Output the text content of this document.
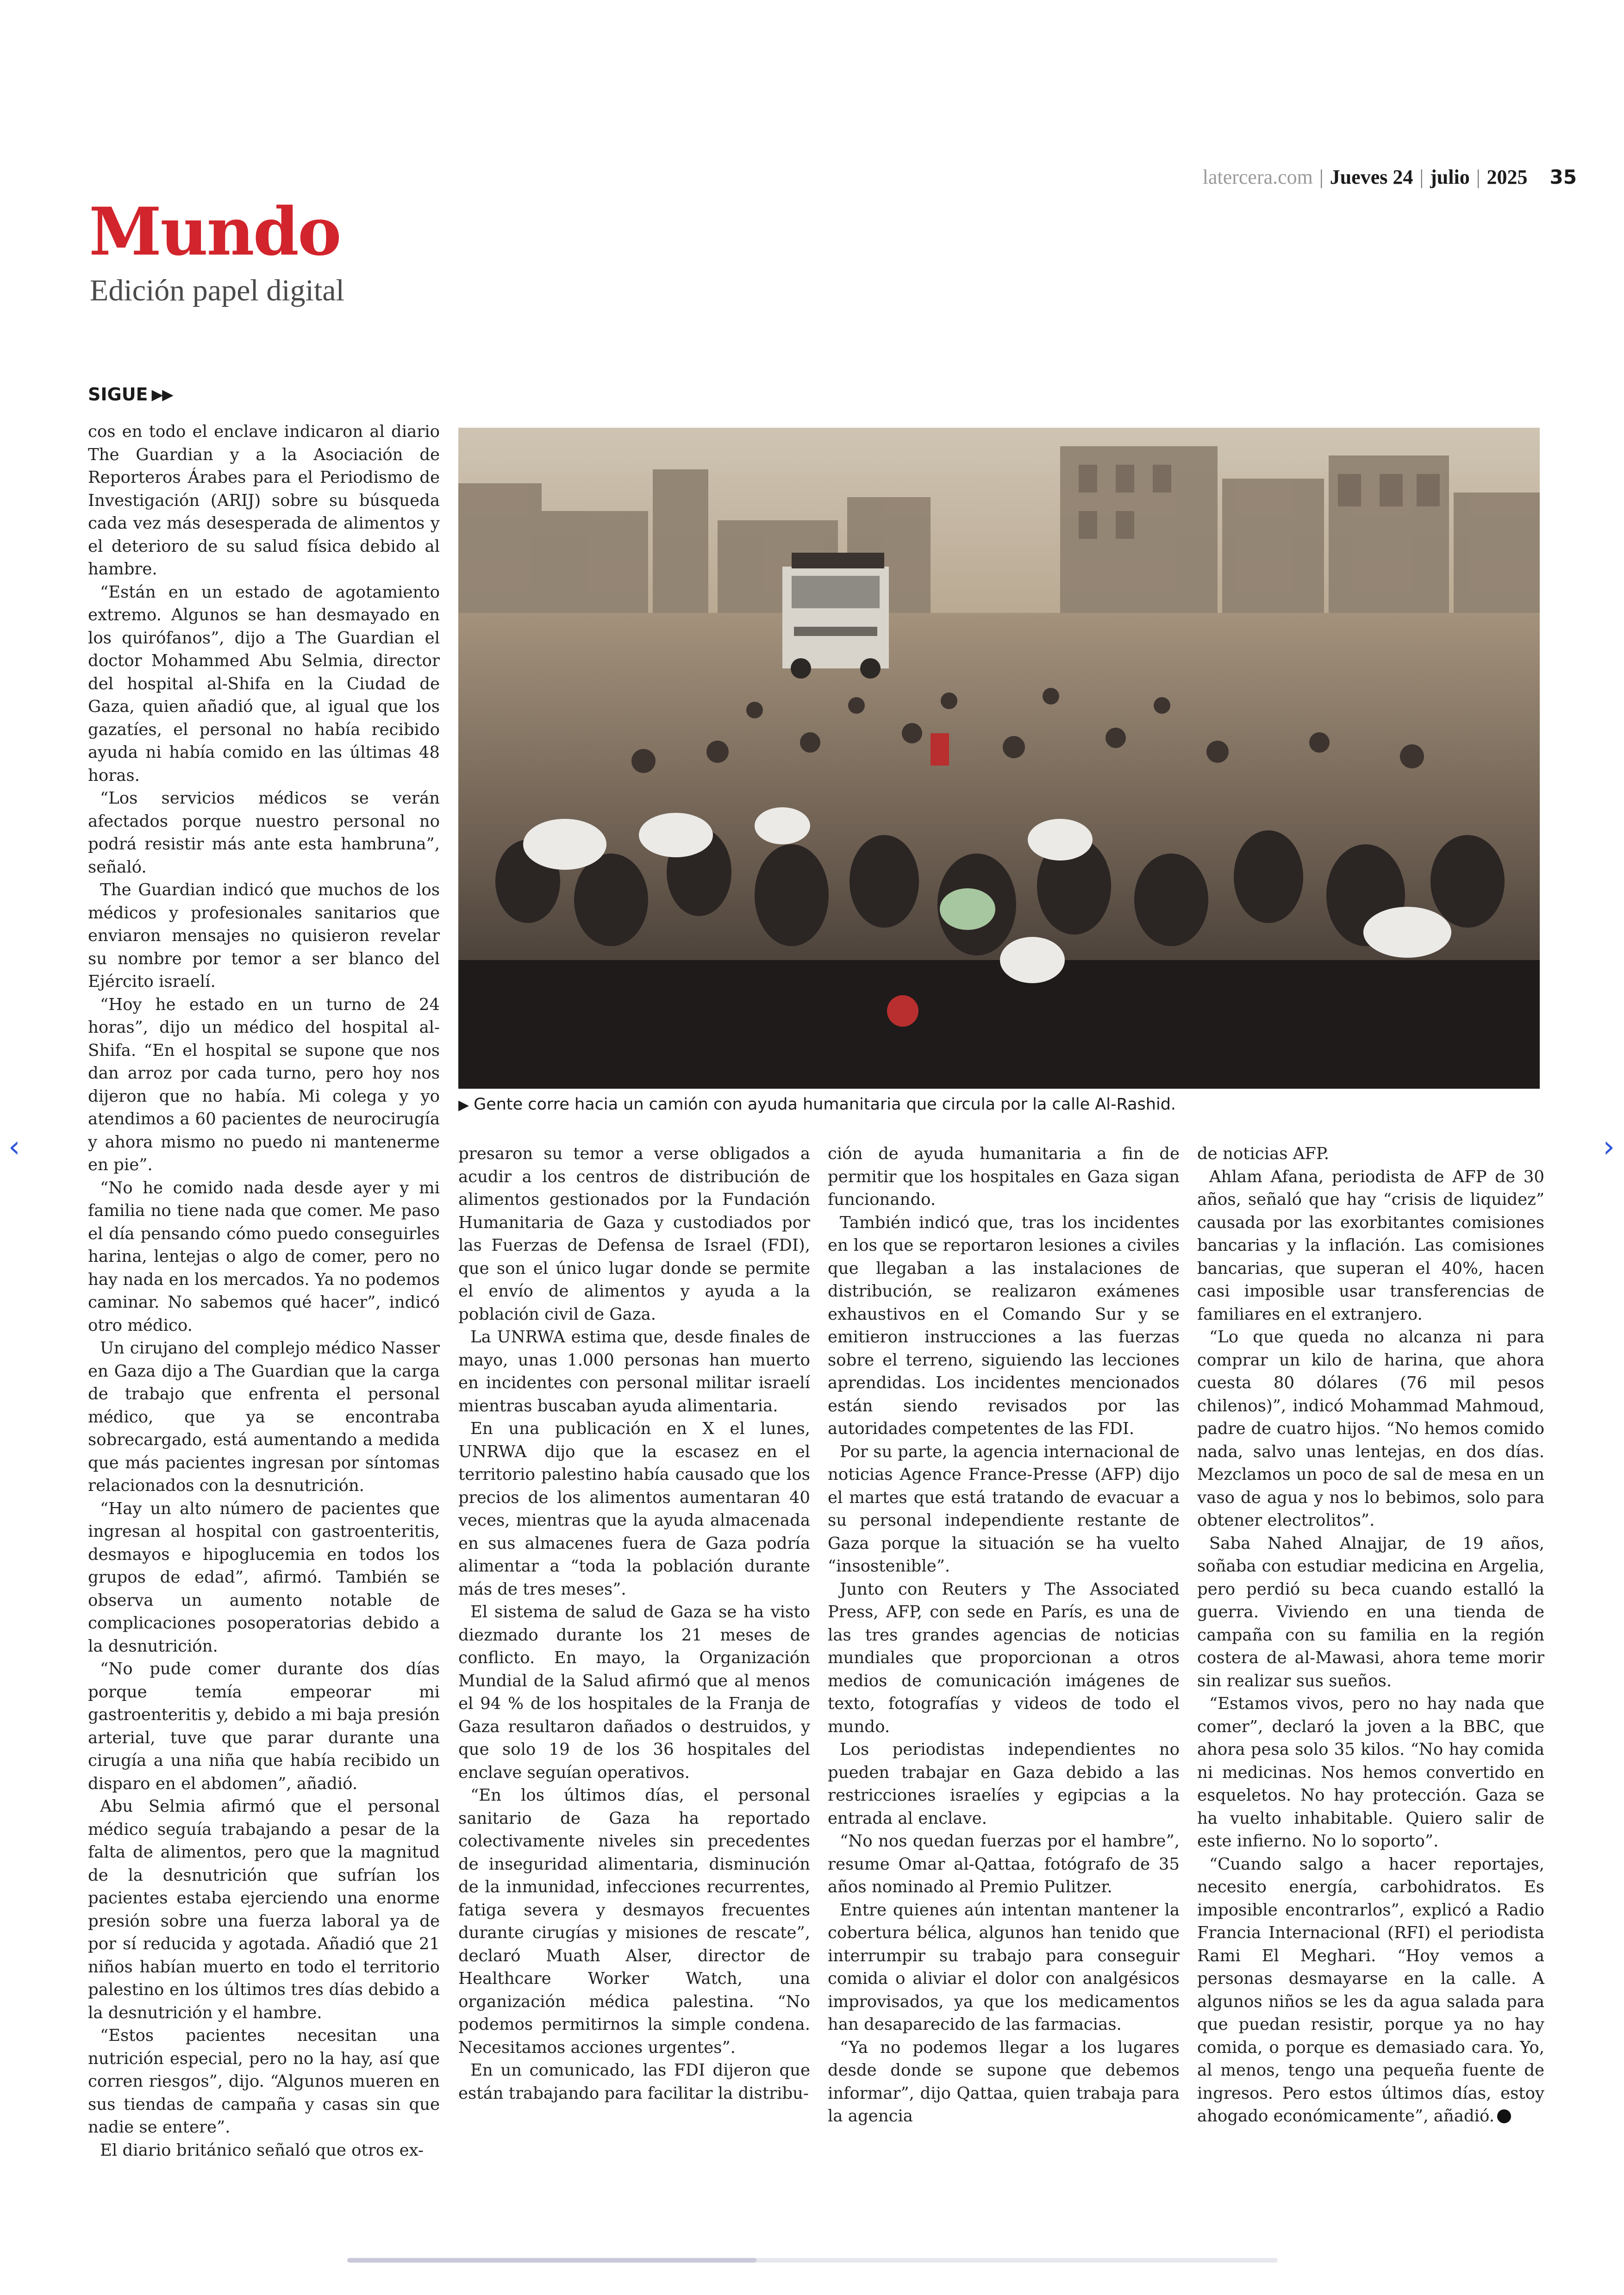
latercera.com | Jueves 24 | julio | 2025 35
Mundo
Edición papel digital
SIGUE ▶▶

cos en todo el enclave indicaron al diario The Guardian y a la Asociación de Reporteros Árabes para el Periodismo de Investigación (ARIJ) sobre su búsqueda cada vez más desesperada de alimentos y el deterioro de su salud física debido al hambre.

“Están en un estado de agotamiento extremo. Algunos se han desmayado en los quirófanos”, dijo a The Guardian el doctor Mohammed Abu Selmia, director del hospital al-Shifa en la Ciudad de Gaza, quien añadió que, al igual que los gazatíes, el personal no había recibido ayuda ni había comido en las últimas 48 horas.

“Los servicios médicos se verán afectados porque nuestro personal no podrá resistir más ante esta hambruna”, señaló.

The Guardian indicó que muchos de los médicos y profesionales sanitarios que enviaron mensajes no quisieron revelar su nombre por temor a ser blanco del Ejército israelí.

“Hoy he estado en un turno de 24 horas”, dijo un médico del hospital al-Shifa. “En el hospital se supone que nos dan arroz por cada turno, pero hoy nos dijeron que no había. Mi colega y yo atendimos a 60 pacientes de neurocirugía y ahora mismo no puedo ni mantenerme en pie”.

“No he comido nada desde ayer y mi familia no tiene nada que comer. Me paso el día pensando cómo puedo conseguirles harina, lentejas o algo de comer, pero no hay nada en los mercados. Ya no podemos caminar. No sabemos qué hacer”, indicó otro médico.

Un cirujano del complejo médico Nasser en Gaza dijo a The Guardian que la carga de trabajo que enfrenta el personal médico, que ya se encontraba sobrecargado, está aumentando a medida que más pacientes ingresan por síntomas relacionados con la desnutrición.

“Hay un alto número de pacientes que ingresan al hospital con gastroenteritis, desmayos e hipoglucemia en todos los grupos de edad”, afirmó. También se observa un aumento notable de complicaciones posoperatorias debido a la desnutrición.

“No pude comer durante dos días porque temía empeorar mi gastroenteritis y, debido a mi baja presión arterial, tuve que parar durante una cirugía a una niña que había recibido un disparo en el abdomen”, añadió.

Abu Selmia afirmó que el personal médico seguía trabajando a pesar de la falta de alimentos, pero que la magnitud de la desnutrición que sufrían los pacientes estaba ejerciendo una enorme presión sobre una fuerza laboral ya de por sí reducida y agotada. Añadió que 21 niños habían muerto en todo el territorio palestino en los últimos tres días debido a la desnutrición y el hambre.

“Estos pacientes necesitan una nutrición especial, pero no la hay, así que corren riesgos”, dijo. “Algunos mueren en sus tiendas de campaña y casas sin que nadie se entere”.

El diario británico señaló que otros ex-

▶ Gente corre hacia un camión con ayuda humanitaria que circula por la calle Al-Rashid.

presaron su temor a verse obligados a acudir a los centros de distribución de alimentos gestionados por la Fundación Humanitaria de Gaza y custodiados por las Fuerzas de Defensa de Israel (FDI), que son el único lugar donde se permite el envío de alimentos y ayuda a la población civil de Gaza.

La UNRWA estima que, desde finales de mayo, unas 1.000 personas han muerto en incidentes con personal militar israelí mientras buscaban ayuda alimentaria.

En una publicación en X el lunes, UNRWA dijo que la escasez en el territorio palestino había causado que los precios de los alimentos aumentaran 40 veces, mientras que la ayuda almacenada en sus almacenes fuera de Gaza podría alimentar a “toda la población durante más de tres meses”.

El sistema de salud de Gaza se ha visto diezmado durante los 21 meses de conflicto. En mayo, la Organización Mundial de la Salud afirmó que al menos el 94 % de los hospitales de la Franja de Gaza resultaron dañados o destruidos, y que solo 19 de los 36 hospitales del enclave seguían operativos.

“En los últimos días, el personal sanitario de Gaza ha reportado colectivamente niveles sin precedentes de inseguridad alimentaria, disminución de la inmunidad, infecciones recurrentes, fatiga severa y desmayos frecuentes durante cirugías y misiones de rescate”, declaró Muath Alser, director de Healthcare Worker Watch, una organización médica palestina. “No podemos permitirnos la simple condena. Necesitamos acciones urgentes”.

En un comunicado, las FDI dijeron que están trabajando para facilitar la distribu-

ción de ayuda humanitaria a fin de permitir que los hospitales en Gaza sigan funcionando.

También indicó que, tras los incidentes en los que se reportaron lesiones a civiles que llegaban a las instalaciones de distribución, se realizaron exámenes exhaustivos en el Comando Sur y se emitieron instrucciones a las fuerzas sobre el terreno, siguiendo las lecciones aprendidas. Los incidentes mencionados están siendo revisados por las autoridades competentes de las FDI.

Por su parte, la agencia internacional de noticias Agence France-Presse (AFP) dijo el martes que está tratando de evacuar a su personal independiente restante de Gaza porque la situación se ha vuelto “insostenible”.

Junto con Reuters y The Associated Press, AFP, con sede en París, es una de las tres grandes agencias de noticias mundiales que proporcionan a otros medios de comunicación imágenes de texto, fotografías y videos de todo el mundo.

Los periodistas independientes no pueden trabajar en Gaza debido a las restricciones israelíes y egipcias a la entrada al enclave.

“No nos quedan fuerzas por el hambre”, resume Omar al-Qattaa, fotógrafo de 35 años nominado al Premio Pulitzer.

Entre quienes aún intentan mantener la cobertura bélica, algunos han tenido que interrumpir su trabajo para conseguir comida o aliviar el dolor con analgésicos improvisados, ya que los medicamentos han desaparecido de las farmacias.

“Ya no podemos llegar a los lugares desde donde se supone que debemos informar”, dijo Qattaa, quien trabaja para la agencia

de noticias AFP.

Ahlam Afana, periodista de AFP de 30 años, señaló que hay “crisis de liquidez” causada por las exorbitantes comisiones bancarias y la inflación. Las comisiones bancarias, que superan el 40%, hacen casi imposible usar transferencias de familiares en el extranjero.

“Lo que queda no alcanza ni para comprar un kilo de harina, que ahora cuesta 80 dólares (76 mil pesos chilenos)”, indicó Mohammad Mahmoud, padre de cuatro hijos. “No hemos comido nada, salvo unas lentejas, en dos días. Mezclamos un poco de sal de mesa en un vaso de agua y nos lo bebimos, solo para obtener electrolitos”.

Saba Nahed Alnajjar, de 19 años, soñaba con estudiar medicina en Argelia, pero perdió su beca cuando estalló la guerra. Viviendo en una tienda de campaña con su familia en la región costera de al-Mawasi, ahora teme morir sin realizar sus sueños.

“Estamos vivos, pero no hay nada que comer”, declaró la joven a la BBC, que ahora pesa solo 35 kilos. “No hay comida ni medicinas. Nos hemos convertido en esqueletos. No hay protección. Gaza se ha vuelto inhabitable. Quiero salir de este infierno. No lo soporto”.

“Cuando salgo a hacer reportajes, necesito energía, carbohidratos. Es imposible encontrarlos”, explicó a Radio Francia Internacional (RFI) el periodista Rami El Meghari. “Hoy vemos a personas desmayarse en la calle. A algunos niños se les da agua salada para que puedan resistir, porque ya no hay comida, o porque es demasiado cara. Yo, al menos, tengo una pequeña fuente de ingresos. Pero estos últimos días, estoy ahogado económicamente”, añadió.

‹	›
